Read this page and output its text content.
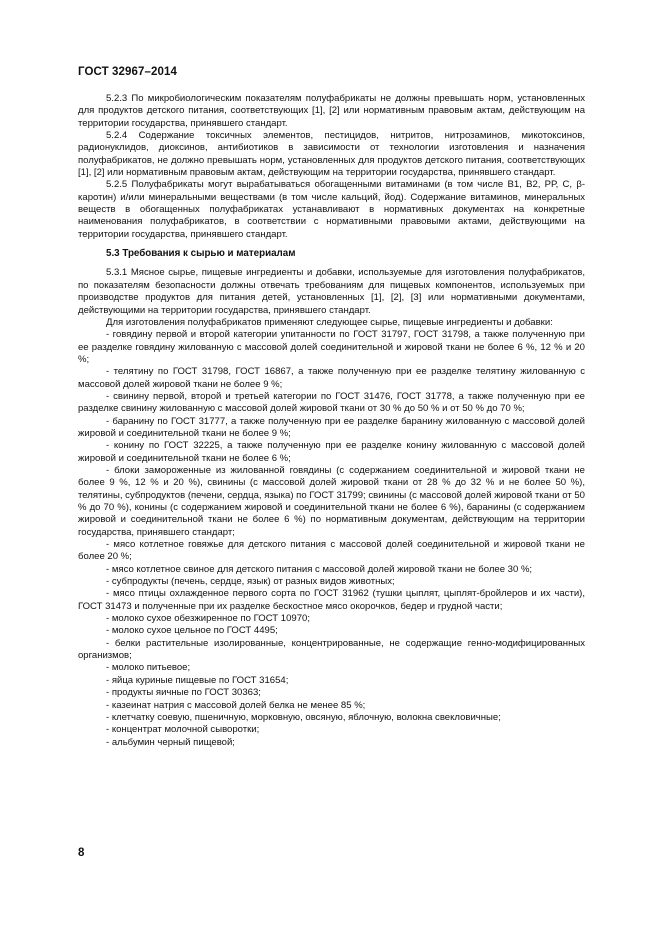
ГОСТ 32967–2014

5.2.3 По микробиологическим показателям полуфабрикаты не должны превышать норм, установленных для продуктов детского питания, соответствующих [1], [2] или нормативным правовым актам, действующим на территории государства, принявшего стандарт.

5.2.4 Содержание токсичных элементов, пестицидов, нитритов, нитрозаминов, микотоксинов, радионуклидов, диоксинов, антибиотиков в зависимости от технологии изготовления и назначения полуфабрикатов, не должно превышать норм, установленных для продуктов детского питания, соответствующих [1], [2] или нормативным правовым актам, действующим на территории государства, принявшего стандарт.

5.2.5 Полуфабрикаты могут вырабатываться обогащенными витаминами (в том числе В1, В2, РР, С, β-каротин) и/или минеральными веществами (в том числе кальций, йод). Содержание витаминов, минеральных веществ в обогащенных полуфабрикатах устанавливают в нормативных документах на конкретные наименования полуфабрикатов, в соответствии с нормативными правовыми актами, действующими на территории государства, принявшего стандарт.

5.3 Требования к сырью и материалам

5.3.1 Мясное сырье, пищевые ингредиенты и добавки, используемые для изготовления полуфабрикатов, по показателям безопасности должны отвечать требованиям для пищевых компонентов, используемых при производстве продуктов для питания детей, установленных [1], [2], [3] или нормативными документами, действующими на территории государства, принявшего стандарт.

Для изготовления полуфабрикатов применяют следующее сырье, пищевые ингредиенты и добавки:

- говядину первой и второй категории упитанности по ГОСТ 31797, ГОСТ 31798, а также полученную при ее разделке говядину жилованную с массовой долей соединительной и жировой ткани не более 6 %, 12 % и 20 %;

- телятину по ГОСТ 31798, ГОСТ 16867, а также полученную при ее разделке телятину жилованную с массовой долей жировой ткани не более 9 %;

- свинину первой, второй и третьей категории по ГОСТ 31476, ГОСТ 31778, а также полученную при ее разделке свинину жилованную с массовой долей жировой ткани от 30 % до 50 % и от 50 % до 70 %;

- баранину по ГОСТ 31777, а также полученную при ее разделке баранину жилованную с массовой долей жировой и соединительной ткани не более 9 %;

- конину по ГОСТ 32225, а также полученную при ее разделке конину жилованную с массовой долей жировой и соединительной ткани не более 6 %;

- блоки замороженные из жилованной говядины (с содержанием соединительной и жировой ткани не более 9 %, 12 % и 20 %), свинины (с массовой долей жировой ткани от 28 % до 32 % и не более 50 %), телятины, субпродуктов (печени, сердца, языка) по ГОСТ 31799; свинины (с массовой долей жировой ткани от 50 % до 70 %), конины (с содержанием жировой и соединительной ткани не более 6 %), баранины (с содержанием жировой и соединительной ткани не более 6 %) по нормативным документам, действующим на территории государства, принявшего стандарт;

- мясо котлетное говяжье для детского питания с массовой долей соединительной и жировой ткани не более 20 %;

- мясо котлетное свиное для детского питания с массовой долей жировой ткани не более 30 %;

- субпродукты (печень, сердце, язык) от разных видов животных;

- мясо птицы охлажденное первого сорта по ГОСТ 31962 (тушки цыплят, цыплят-бройлеров и их части), ГОСТ 31473 и полученные при их разделке бескостное мясо окорочков, бедер и грудной части;

- молоко сухое обезжиренное по ГОСТ 10970;

- молоко сухое цельное по ГОСТ 4495;

- белки растительные изолированные, концентрированные, не содержащие генно-модифицированных организмов;

- молоко питьевое;

- яйца куриные пищевые по ГОСТ 31654;

- продукты яичные по ГОСТ 30363;

- казеинат натрия с массовой долей белка не менее 85 %;

- клетчатку соевую, пшеничную, морковную, овсяную, яблочную, волокна свекловичные;

- концентрат молочной сыворотки;

- альбумин черный пищевой;

8
